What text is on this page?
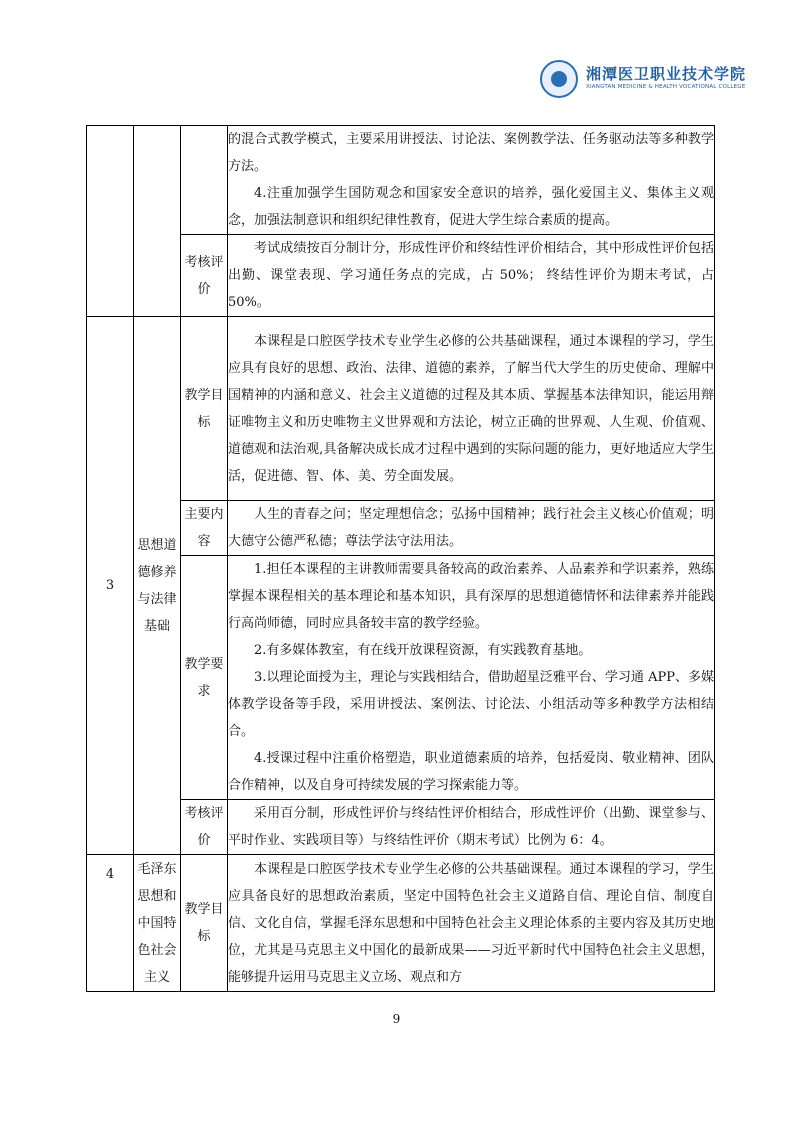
湘潭医卫职业技术学院
XIANGTAN MEDICINE & HEALTH VOCATIONAL COLLEGE

			的混合式教学模式，主要采用讲授法、讨论法、案例教学法、任务驱动法等多种教学方法。

4.注重加强学生国防观念和国家安全意识的培养，强化爱国主义、集体主义观念，加强法制意识和组织纪律性教育，促进大学生综合素质的提高。

		考核评价	考试成绩按百分制计分，形成性评价和终结性评价相结合，其中形成性评价包括出勤、课堂表现、学习通任务点的完成，占 50%； 终结性评价为期末考试，占 50%。

3	思想道德修养与法律基础	教学目标	本课程是口腔医学技术专业学生必修的公共基础课程，通过本课程的学习，学生应具有良好的思想、政治、法律、道德的素养，了解当代大学生的历史使命、理解中国精神的内涵和意义、社会主义道德的过程及其本质、掌握基本法律知识，能运用辩证唯物主义和历史唯物主义世界观和方法论，树立正确的世界观、人生观、价值观、道德观和法治观,具备解决成长成才过程中遇到的实际问题的能力，更好地适应大学生活，促进德、智、体、美、劳全面发展。

		主要内容	人生的青春之问；坚定理想信念；弘扬中国精神；践行社会主义核心价值观；明大德守公德严私德；尊法学法守法用法。

		教学要求	1.担任本课程的主讲教师需要具备较高的政治素养、人品素养和学识素养，熟练掌握本课程相关的基本理论和基本知识，具有深厚的思想道德情怀和法律素养并能践行高尚师德，同时应具备较丰富的教学经验。

2.有多媒体教室，有在线开放课程资源，有实践教育基地。

3.以理论面授为主，理论与实践相结合，借助超星泛雅平台、学习通 APP、多媒体教学设备等手段，采用讲授法、案例法、讨论法、小组活动等多种教学方法相结合。

4.授课过程中注重价格塑造，职业道德素质的培养，包括爱岗、敬业精神、团队合作精神，以及自身可持续发展的学习探索能力等。

		考核评价	采用百分制，形成性评价与终结性评价相结合，形成性评价（出勤、课堂参与、平时作业、实践项目等）与终结性评价（期末考试）比例为 6：4。

4	毛泽东思想和中国特色社会主义	教学目标	本课程是口腔医学技术专业学生必修的公共基础课程。通过本课程的学习，学生应具备良好的思想政治素质，坚定中国特色社会主义道路自信、理论自信、制度自信、文化自信，掌握毛泽东思想和中国特色社会主义理论体系的主要内容及其历史地位，尤其是马克思主义中国化的最新成果——习近平新时代中国特色社会主义思想，能够提升运用马克思主义立场、观点和方

9
